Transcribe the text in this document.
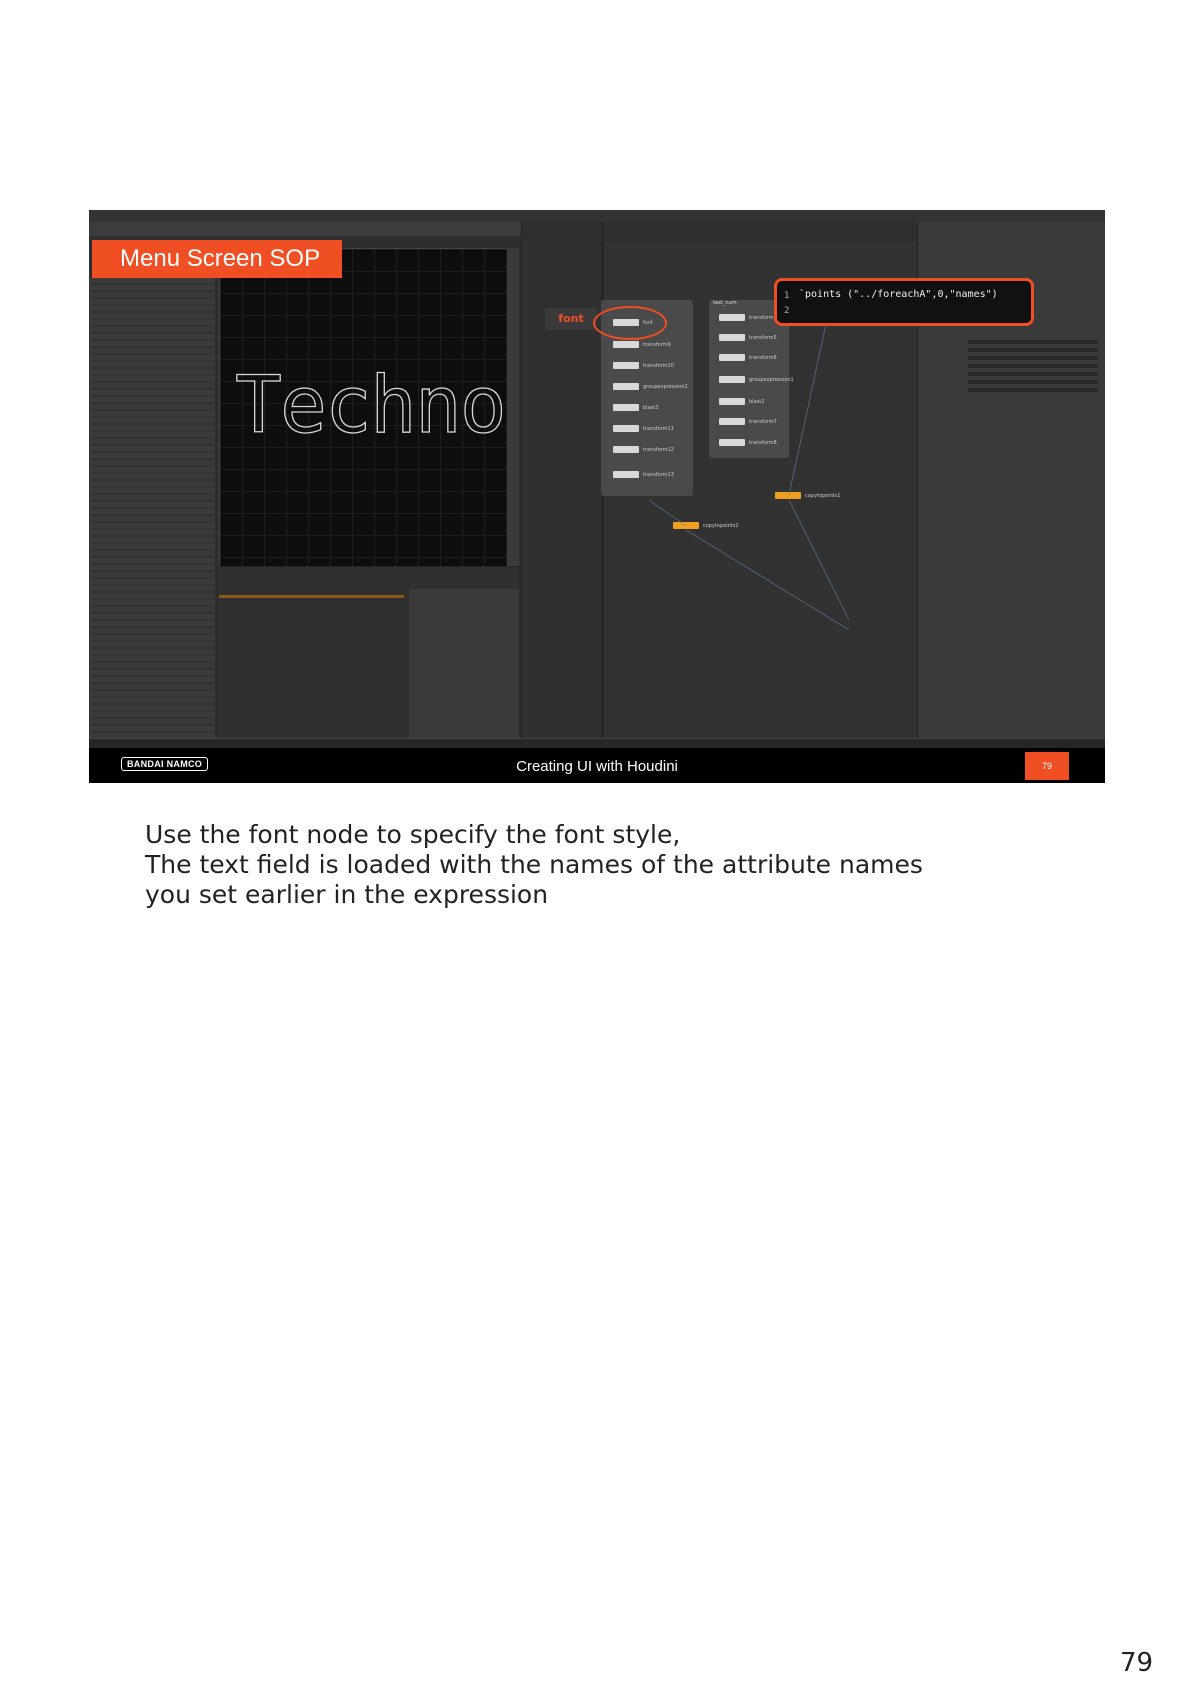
Techno
font
transform9
transform10
groupexpression2
blast3
transform11
transform12
transform13
text_num
transform
transform5
transform6
groupexpression1
blast2
transform7
transform8
copytopoints1
copytopoints2
Menu Screen SOP
font
1
2
`points ("../foreachA",0,"names")
BANDAI NAMCO	Creating UI with Houdini	79
Use the font node to specify the font style,
The text field is loaded with the names of the attribute names
you set earlier in the expression
79
